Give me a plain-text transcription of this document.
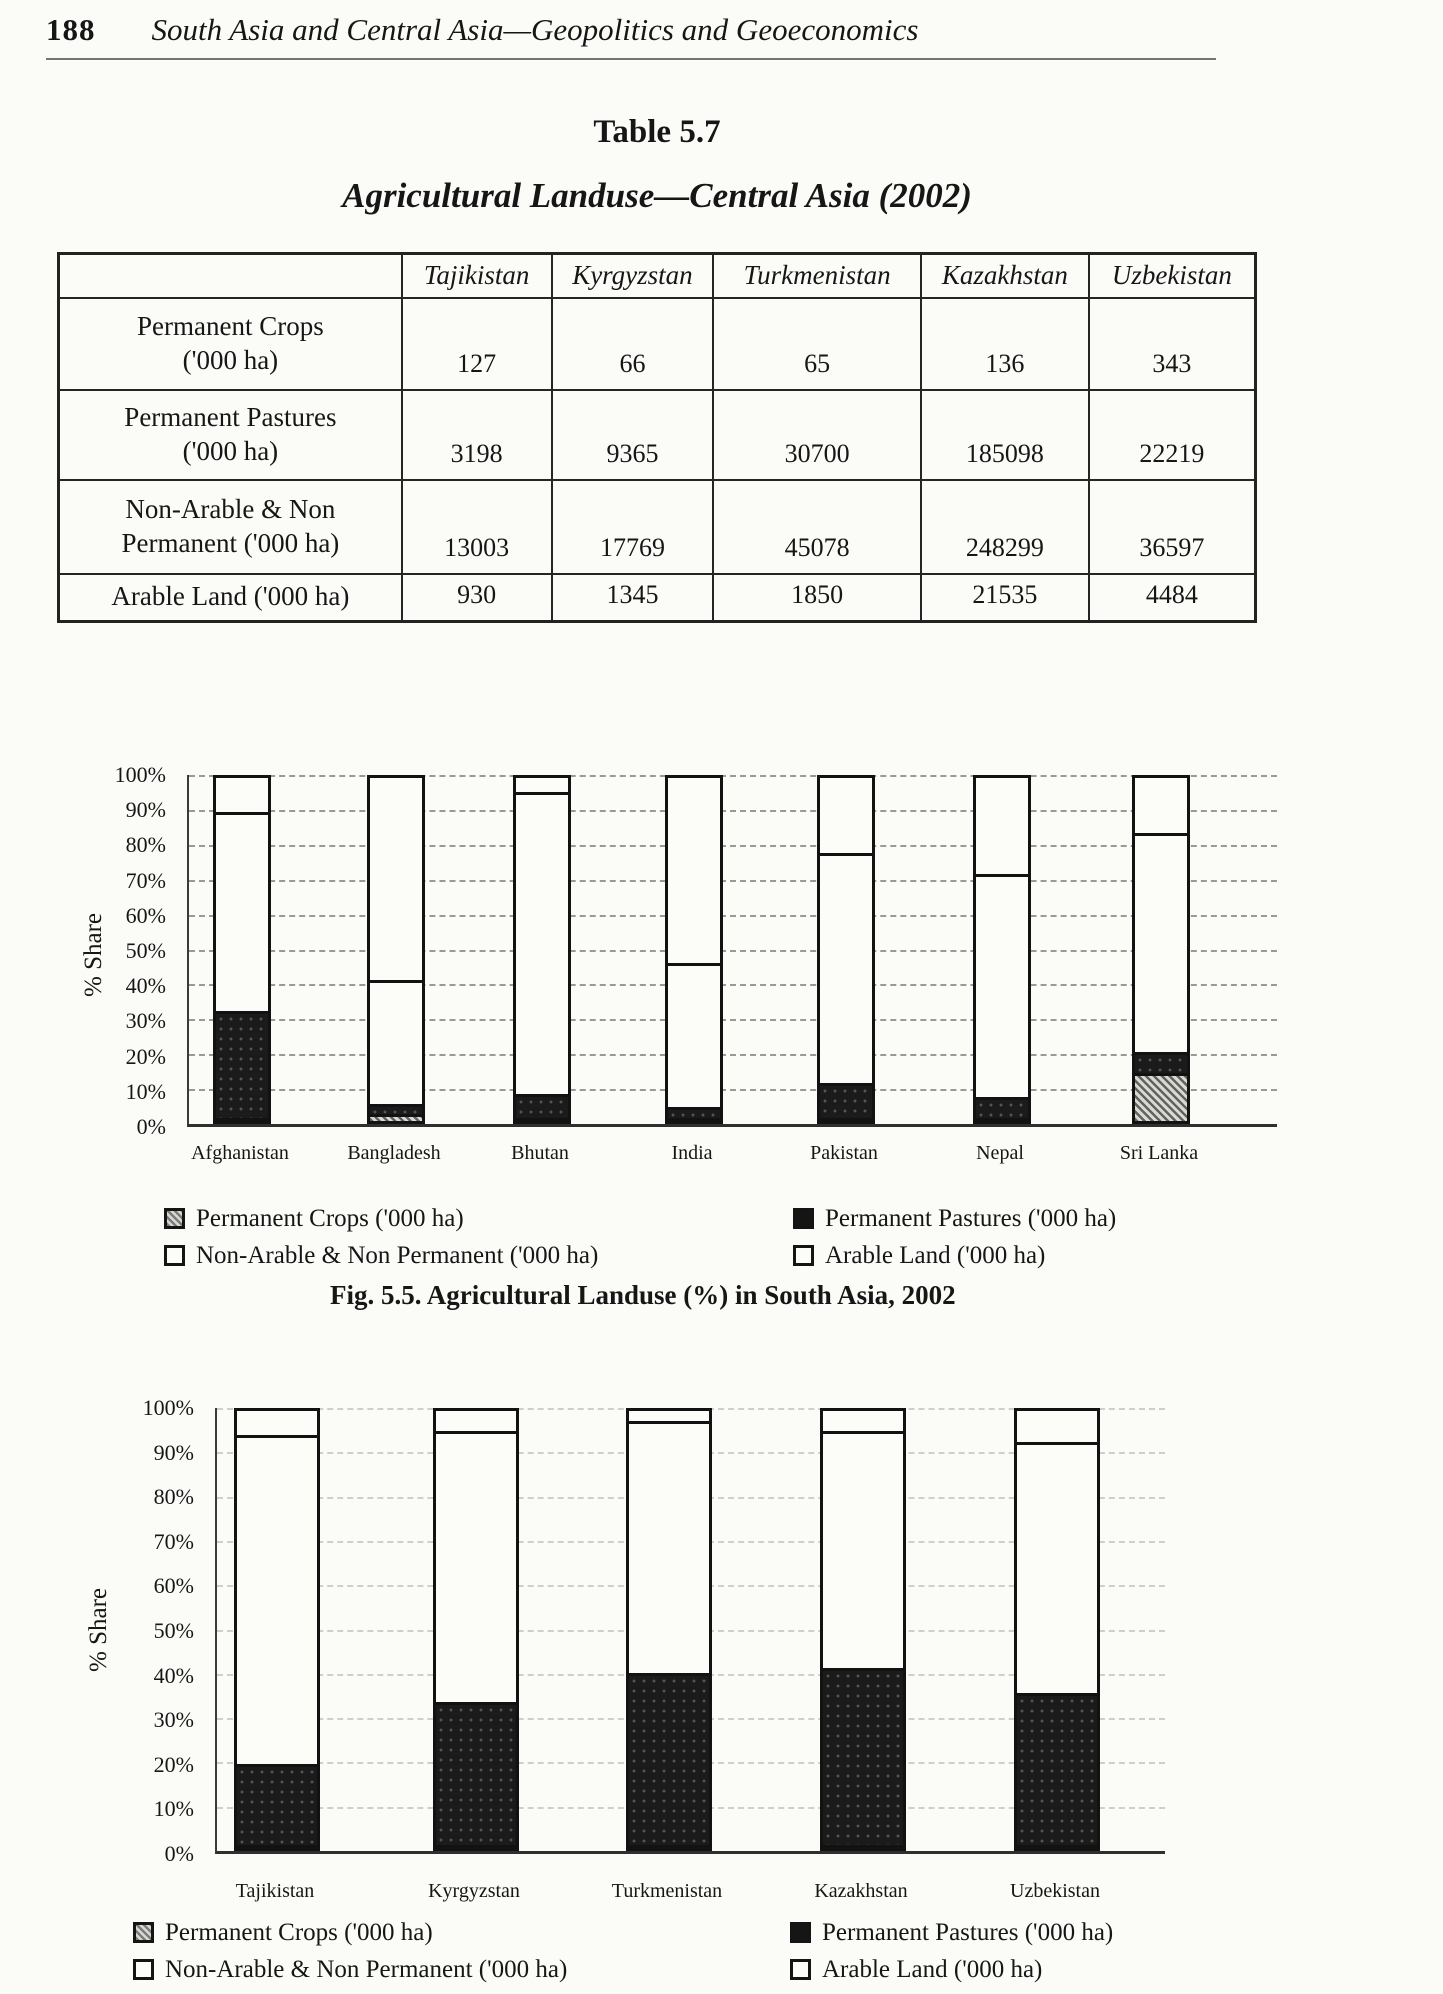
188 South Asia and Central Asia—Geopolitics and Geoeconomics
Table 5.7
Agricultural Landuse—Central Asia (2002)
	Tajikistan	Kyrgyzstan	Turkmenistan	Kazakhstan	Uzbekistan

Permanent Crops
('000 ha)	127	66	65	136	343

Permanent Pastures
('000 ha)	3198	9365	30700	185098	22219

Non-Arable & Non
Permanent ('000 ha)	13003	17769	45078	248299	36597

Arable Land ('000 ha)	930	1345	1850	21535	4484
% Share
100%
90%
80%
70%
60%
50%
40%
30%
20%
10%
0%
Afghanistan	Bangladesh	Bhutan	India	Pakistan	Nepal	Sri Lanka
Permanent Crops ('000 ha)	Permanent Pastures ('000 ha)
Non-Arable & Non Permanent ('000 ha)	Arable Land ('000 ha)
Fig. 5.5. Agricultural Landuse (%) in South Asia, 2002
% Share
100%
90%
80%
70%
60%
50%
40%
30%
20%
10%
0%
Tajikistan	Kyrgyzstan	Turkmenistan	Kazakhstan	Uzbekistan
Permanent Crops ('000 ha)	Permanent Pastures ('000 ha)
Non-Arable & Non Permanent ('000 ha)	Arable Land ('000 ha)
